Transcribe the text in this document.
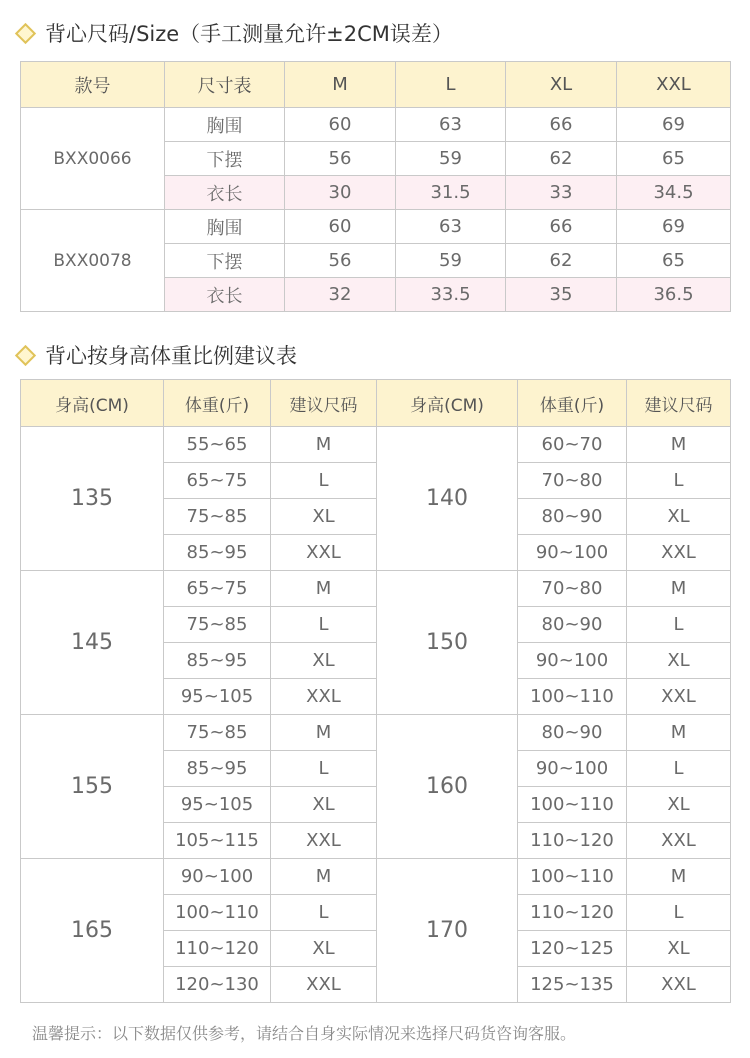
背心尺码/Size（手工测量允许±2CM误差）
款号	尺寸表	M	L	XL	XXL
BXX0066	胸围	60	63	66	69
	下摆	56	59	62	65
	衣长	30	31.5	33	34.5
BXX0078	胸围	60	63	66	69
	下摆	56	59	62	65
	衣长	32	33.5	35	36.5
背心按身高体重比例建议表
身高(CM)	体重(斤)	建议尺码	身高(CM)	体重(斤)	建议尺码
135	55~65	M	140	60~70	M
	65~75	L		70~80	L
	75~85	XL		80~90	XL
	85~95	XXL		90~100	XXL
145	65~75	M	150	70~80	M
	75~85	L		80~90	L
	85~95	XL		90~100	XL
	95~105	XXL		100~110	XXL
155	75~85	M	160	80~90	M
	85~95	L		90~100	L
	95~105	XL		100~110	XL
	105~115	XXL		110~120	XXL
165	90~100	M	170	100~110	M
	100~110	L		110~120	L
	110~120	XL		120~125	XL
	120~130	XXL		125~135	XXL
温馨提示：以下数据仅供参考，请结合自身实际情况来选择尺码货咨询客服。
